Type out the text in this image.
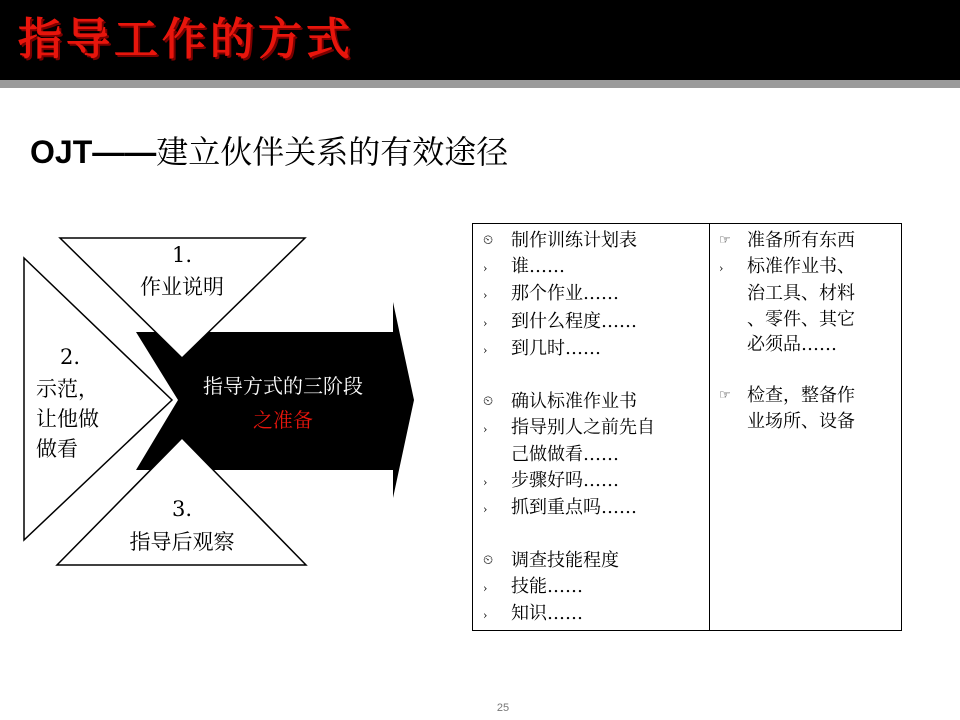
指导工作的方式
OJT——建立伙伴关系的有效途径
1.
作业说明
2.
示范，
让他做
做看
3.
指导后观察
指导方式的三阶段
之准备
⏲ 制作训练计划表
›	谁……
›	那个作业……
›	到什么程度……
›	到几时……
⏲ 确认标准作业书
›	指导别人之前先自
己做做看……
›	步骤好吗……
›	抓到重点吗……
⏲ 调查技能程度
›	技能……
›	知识……
☞ 准备所有东西
›	标准作业书、
治工具、材料
、零件、其它
必须品……
☞ 检查，整备作
业场所、设备
25
